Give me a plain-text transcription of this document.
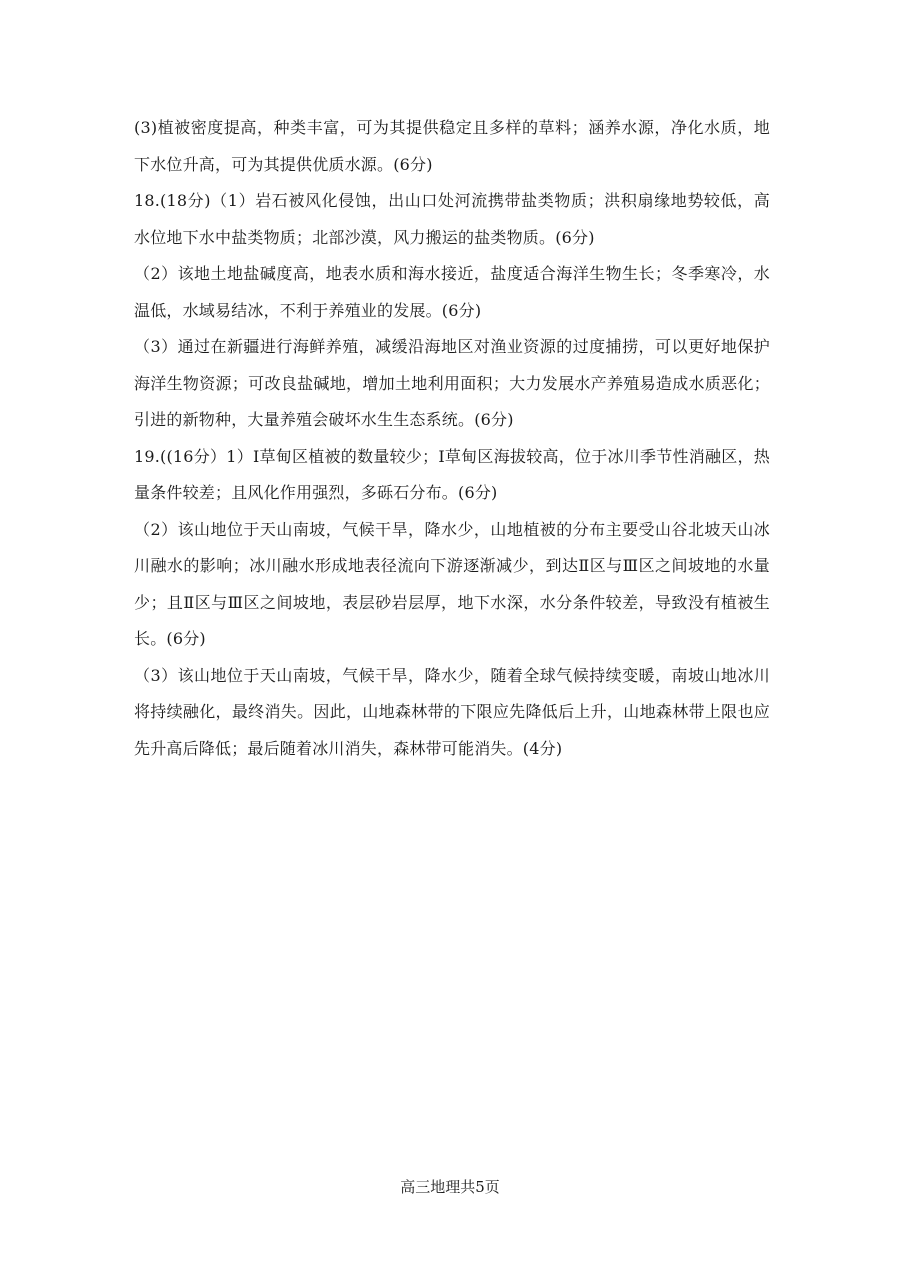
(3)植被密度提高，种类丰富，可为其提供稳定且多样的草料；涵养水源，净化水质，地下水位升高，可为其提供优质水源。(6分)

18.(18分)（1）岩石被风化侵蚀，出山口处河流携带盐类物质；洪积扇缘地势较低，高水位地下水中盐类物质；北部沙漠，风力搬运的盐类物质。(6分)

（2）该地土地盐碱度高，地表水质和海水接近，盐度适合海洋生物生长；冬季寒冷，水温低，水域易结冰，不利于养殖业的发展。(6分)

（3）通过在新疆进行海鲜养殖，减缓沿海地区对渔业资源的过度捕捞，可以更好地保护海洋生物资源；可改良盐碱地，增加土地利用面积；大力发展水产养殖易造成水质恶化；引进的新物种，大量养殖会破坏水生生态系统。(6分)

19.((16分）1）Ⅰ草甸区植被的数量较少；Ⅰ草甸区海拔较高，位于冰川季节性消融区，热量条件较差；且风化作用强烈，多砾石分布。(6分)

（2）该山地位于天山南坡，气候干旱，降水少，山地植被的分布主要受山谷北坡天山冰川融水的影响；冰川融水形成地表径流向下游逐渐减少，到达Ⅱ区与Ⅲ区之间坡地的水量少；且Ⅱ区与Ⅲ区之间坡地，表层砂岩层厚，地下水深，水分条件较差，导致没有植被生长。(6分)

（3）该山地位于天山南坡，气候干旱，降水少，随着全球气候持续变暖，南坡山地冰川将持续融化，最终消失。因此，山地森林带的下限应先降低后上升，山地森林带上限也应先升高后降低；最后随着冰川消失，森林带可能消失。(4分)

高三地理共5页
